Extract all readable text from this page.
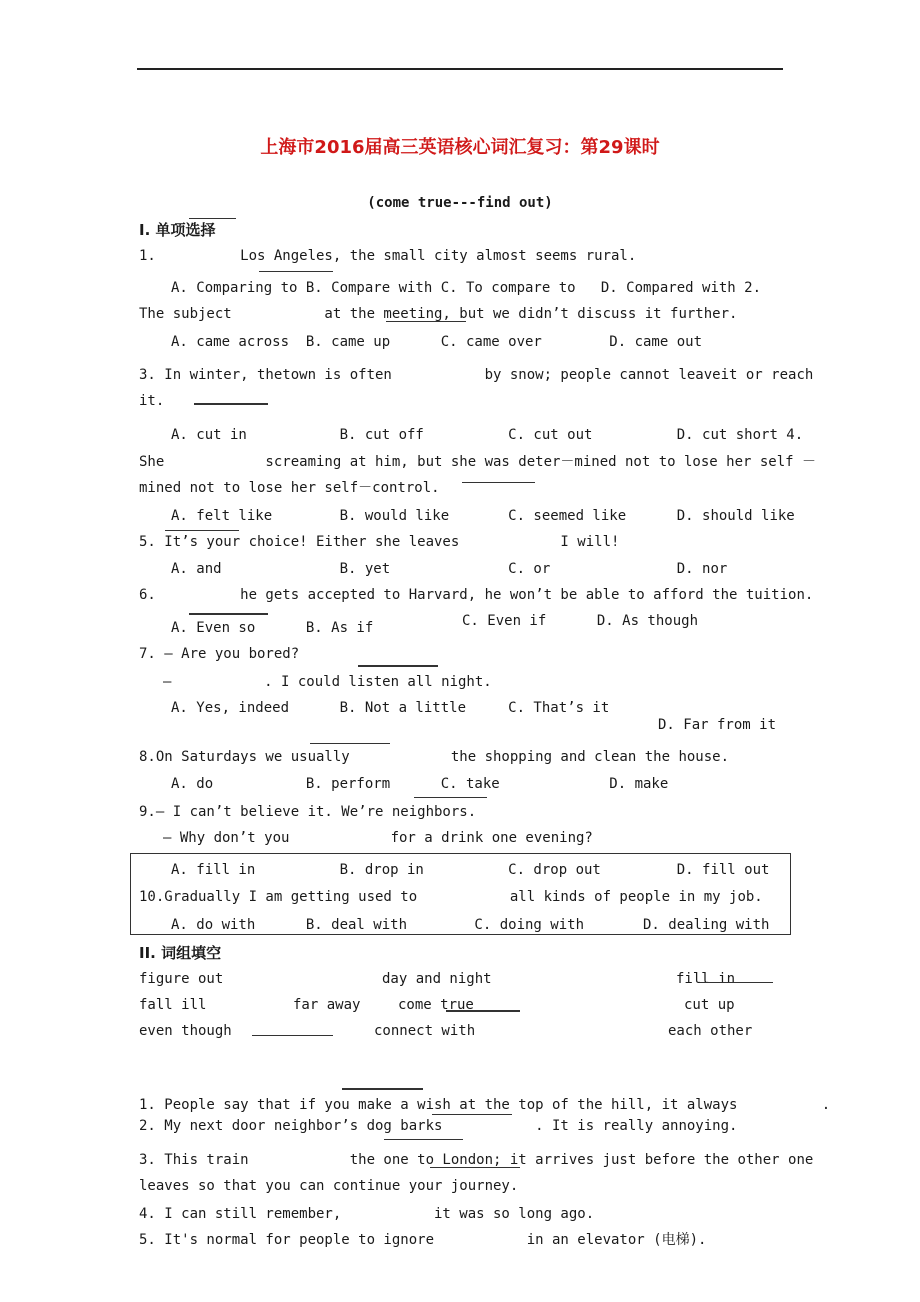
上海市2016届高三英语核心词汇复习：第29课时
(come true---find out)
I. 单项选择
1.          Los Angeles, the small city almost seems rural.
A. Comparing to B. Compare with C. To compare to   D. Compared with 2.
The subject           at the meeting, but we didn’t discuss it further.
A. came across  B. came up      C. came over        D. came out
3. In winter, thetown is often           by snow; people cannot leaveit or reach
it.
A. cut in           B. cut off          C. cut out          D. cut short 4.
She            screaming at him, but she was deter－mined not to lose her self －
mined not to lose her self－control.
A. felt like        B. would like       C. seemed like      D. should like
5. It’s your choice! Either she leaves            I will!
A. and              B. yet              C. or               D. nor
6.          he gets accepted to Harvard, he won’t be able to afford the tuition.
A. Even so      B. As if	C. Even if      D. As though
7. — Are you bored?
—           . I could listen all night.
A. Yes, indeed      B. Not a little     C. That’s it
D. Far from it
8.On Saturdays we usually            the shopping and clean the house.
A. do           B. perform      C. take             D. make
9.— I can’t believe it. We’re neighbors.
— Why don’t you            for a drink one evening?
A. fill in          B. drop in          C. drop out         D. fill out
10.Gradually I am getting used to           all kinds of people in my job.
A. do with      B. deal with        C. doing with       D. dealing with
II. 词组填空
figure out	day and night	fill in
fall ill	far away	come true	cut up
even though	connect with	each other
1. People say that if you make a wish at the top of the hill, it always          .
2. My next door neighbor’s dog barks           . It is really annoying.
3. This train            the one to London; it arrives just before the other one
leaves so that you can continue your journey.
4. I can still remember,           it was so long ago.
5. It's normal for people to ignore           in an elevator (电梯).
